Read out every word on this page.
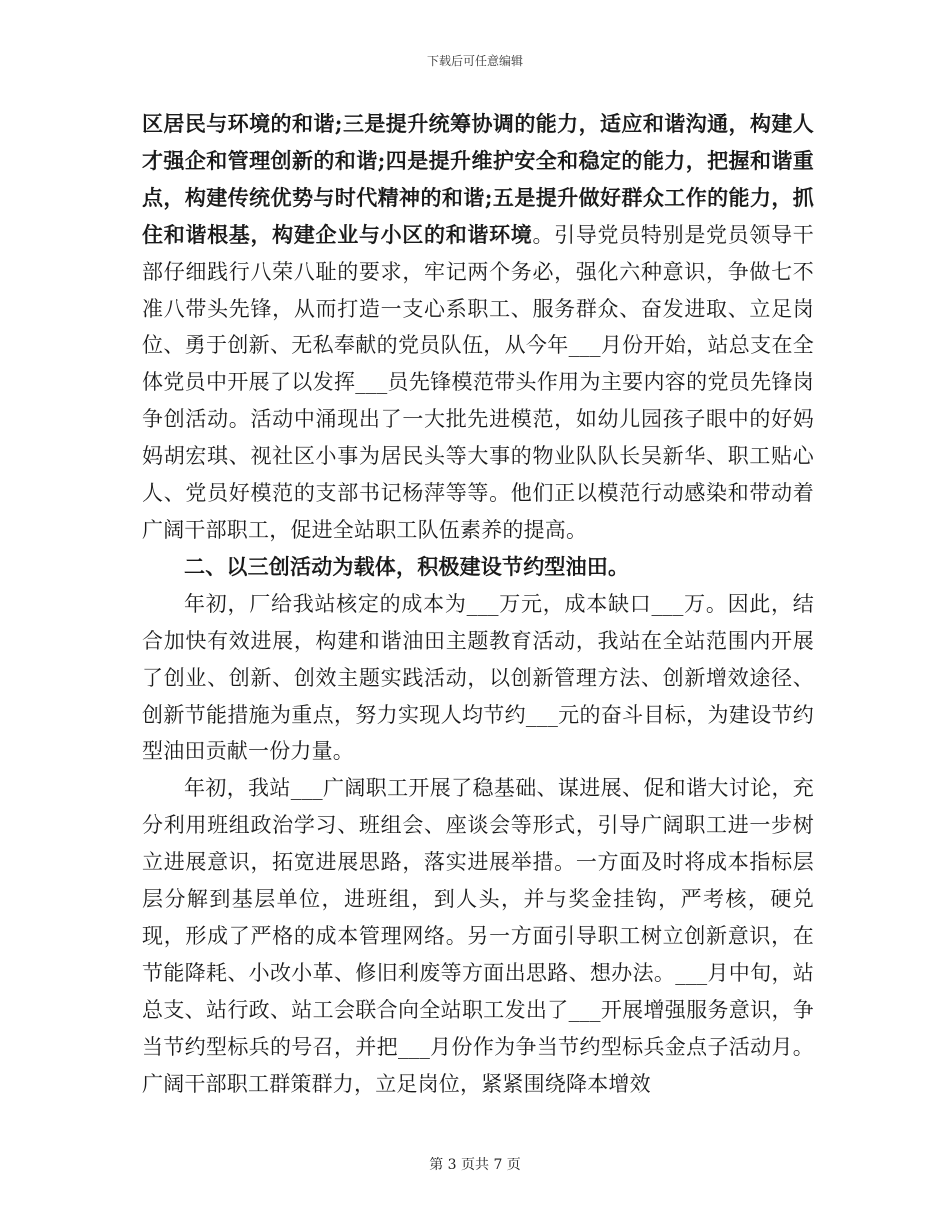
下载后可任意编辑

区居民与环境的和谐;三是提升统筹协调的能力，适应和谐沟通，构建人才强企和管理创新的和谐;四是提升维护安全和稳定的能力，把握和谐重点，构建传统优势与时代精神的和谐;五是提升做好群众工作的能力，抓住和谐根基，构建企业与小区的和谐环境。引导党员特别是党员领导干部仔细践行八荣八耻的要求，牢记两个务必，强化六种意识，争做七不准八带头先锋，从而打造一支心系职工、服务群众、奋发进取、立足岗位、勇于创新、无私奉献的党员队伍，从今年___月份开始，站总支在全体党员中开展了以发挥___员先锋模范带头作用为主要内容的党员先锋岗争创活动。活动中涌现出了一大批先进模范，如幼儿园孩子眼中的好妈妈胡宏琪、视社区小事为居民头等大事的物业队队长吴新华、职工贴心人、党员好模范的支部书记杨萍等等。他们正以模范行动感染和带动着广阔干部职工，促进全站职工队伍素养的提高。

二、以三创活动为载体，积极建设节约型油田。

年初，厂给我站核定的成本为___万元，成本缺口___万。因此，结合加快有效进展，构建和谐油田主题教育活动，我站在全站范围内开展了创业、创新、创效主题实践活动，以创新管理方法、创新增效途径、创新节能措施为重点，努力实现人均节约___元的奋斗目标，为建设节约型油田贡献一份力量。

年初，我站___广阔职工开展了稳基础、谋进展、促和谐大讨论，充分利用班组政治学习、班组会、座谈会等形式，引导广阔职工进一步树立进展意识，拓宽进展思路，落实进展举措。一方面及时将成本指标层层分解到基层单位，进班组，到人头，并与奖金挂钩，严考核，硬兑现，形成了严格的成本管理网络。另一方面引导职工树立创新意识，在节能降耗、小改小革、修旧利废等方面出思路、想办法。___月中旬，站总支、站行政、站工会联合向全站职工发出了___开展增强服务意识，争当节约型标兵的号召，并把___月份作为争当节约型标兵金点子活动月。广阔干部职工群策群力，立足岗位，紧紧围绕降本增效

第 3 页共 7 页
